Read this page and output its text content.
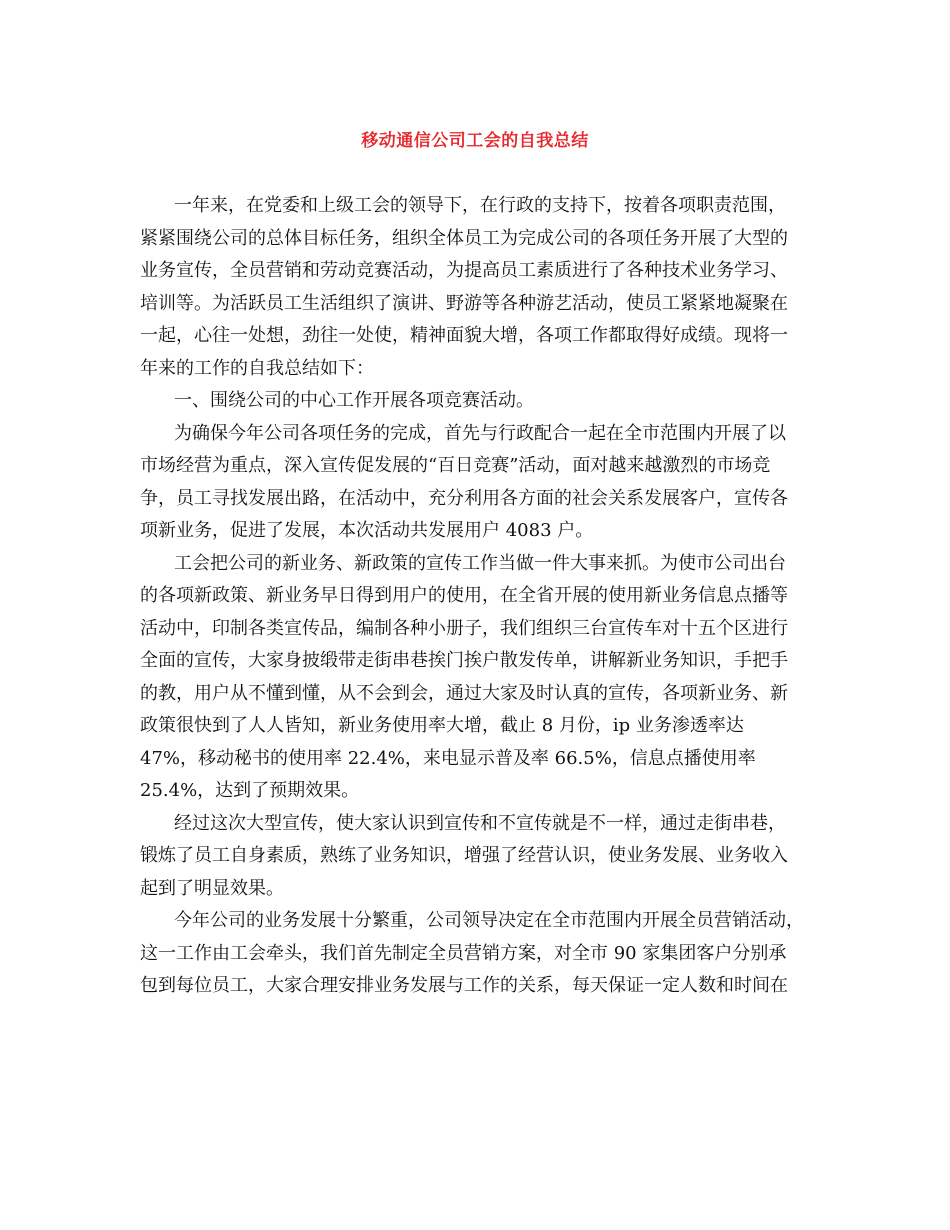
移动通信公司工会的自我总结
一年来，在党委和上级工会的领导下，在行政的支持下，按着各项职责范围，
紧紧围绕公司的总体目标任务，组织全体员工为完成公司的各项任务开展了大型的
业务宣传，全员营销和劳动竞赛活动，为提高员工素质进行了各种技术业务学习、
培训等。为活跃员工生活组织了演讲、野游等各种游艺活动，使员工紧紧地凝聚在
一起，心往一处想，劲往一处使，精神面貌大增，各项工作都取得好成绩。现将一
年来的工作的自我总结如下：
一、围绕公司的中心工作开展各项竞赛活动。
为确保今年公司各项任务的完成，首先与行政配合一起在全市范围内开展了以
市场经营为重点，深入宣传促发展的“百日竞赛”活动，面对越来越激烈的市场竞
争，员工寻找发展出路，在活动中，充分利用各方面的社会关系发展客户，宣传各
项新业务，促进了发展，本次活动共发展用户 4083 户。
工会把公司的新业务、新政策的宣传工作当做一件大事来抓。为使市公司出台
的各项新政策、新业务早日得到用户的使用，在全省开展的使用新业务信息点播等
活动中，印制各类宣传品，编制各种小册子，我们组织三台宣传车对十五个区进行
全面的宣传，大家身披缎带走街串巷挨门挨户散发传单，讲解新业务知识，手把手
的教，用户从不懂到懂，从不会到会，通过大家及时认真的宣传，各项新业务、新
政策很快到了人人皆知，新业务使用率大增，截止 8 月份，ip 业务渗透率达
47%，移动秘书的使用率 22.4%，来电显示普及率 66.5%，信息点播使用率
25.4%，达到了预期效果。
经过这次大型宣传，使大家认识到宣传和不宣传就是不一样，通过走街串巷，
锻炼了员工自身素质，熟练了业务知识，增强了经营认识，使业务发展、业务收入
起到了明显效果。
今年公司的业务发展十分繁重，公司领导决定在全市范围内开展全员营销活动，
这一工作由工会牵头，我们首先制定全员营销方案，对全市 90 家集团客户分别承
包到每位员工，大家合理安排业务发展与工作的关系，每天保证一定人数和时间在
